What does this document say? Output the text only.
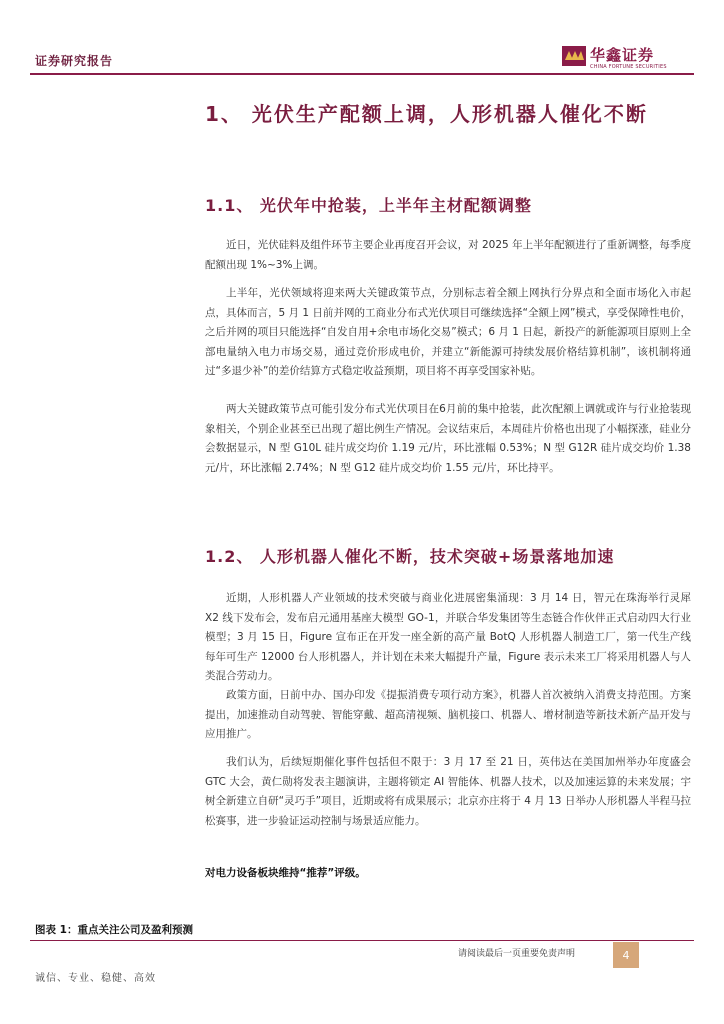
证券研究报告	华鑫证券
CHINA FORTUNE SECURITIES
1、 光伏生产配额上调，人形机器人催化不断
1.1、 光伏年中抢装，上半年主材配额调整
近日，光伏硅料及组件环节主要企业再度召开会议，对 2025 年上半年配额进行了重新调整，每季度配额出现 1%~3%上调。
上半年，光伏领域将迎来两大关键政策节点，分别标志着全额上网执行分界点和全面市场化入市起点，具体而言，5 月 1 日前并网的工商业分布式光伏项目可继续选择“全额上网”模式，享受保障性电价，之后并网的项目只能选择“自发自用+余电市场化交易”模式；6 月 1 日起，新投产的新能源项目原则上全部电量纳入电力市场交易，通过竞价形成电价，并建立“新能源可持续发展价格结算机制”，该机制将通过“多退少补”的差价结算方式稳定收益预期，项目将不再享受国家补贴。
两大关键政策节点可能引发分布式光伏项目在6月前的集中抢装，此次配额上调就或许与行业抢装现象相关，个别企业甚至已出现了超比例生产情况。会议结束后，本周硅片价格也出现了小幅探涨，硅业分会数据显示，N 型 G10L 硅片成交均价 1.19 元/片，环比涨幅 0.53%；N 型 G12R 硅片成交均价 1.38 元/片，环比涨幅 2.74%；N 型 G12 硅片成交均价 1.55 元/片，环比持平。
1.2、 人形机器人催化不断，技术突破+场景落地加速
近期，人形机器人产业领域的技术突破与商业化进展密集涌现：3 月 14 日，智元在珠海举行灵犀 X2 线下发布会，发布启元通用基座大模型 GO-1，并联合华发集团等生态链合作伙伴正式启动四大行业模型；3 月 15 日，Figure 宣布正在开发一座全新的高产量 BotQ 人形机器人制造工厂，第一代生产线每年可生产 12000 台人形机器人，并计划在未来大幅提升产量，Figure 表示未来工厂将采用机器人与人类混合劳动力。
政策方面，日前中办、国办印发《提振消费专项行动方案》，机器人首次被纳入消费支持范围。方案提出，加速推动自动驾驶、智能穿戴、超高清视频、脑机接口、机器人、增材制造等新技术新产品开发与应用推广。
我们认为，后续短期催化事件包括但不限于：3 月 17 至 21 日，英伟达在美国加州举办年度盛会 GTC 大会，黄仁勋将发表主题演讲，主题将锁定 AI 智能体、机器人技术，以及加速运算的未来发展；宇树全新建立自研“灵巧手”项目，近期或将有成果展示；北京亦庄将于 4 月 13 日举办人形机器人半程马拉松赛事，进一步验证运动控制与场景适应能力。
对电力设备板块维持“推荐”评级。
图表 1：重点关注公司及盈利预测
请阅读最后一页重要免责声明	4
诚信、专业、稳健、高效
